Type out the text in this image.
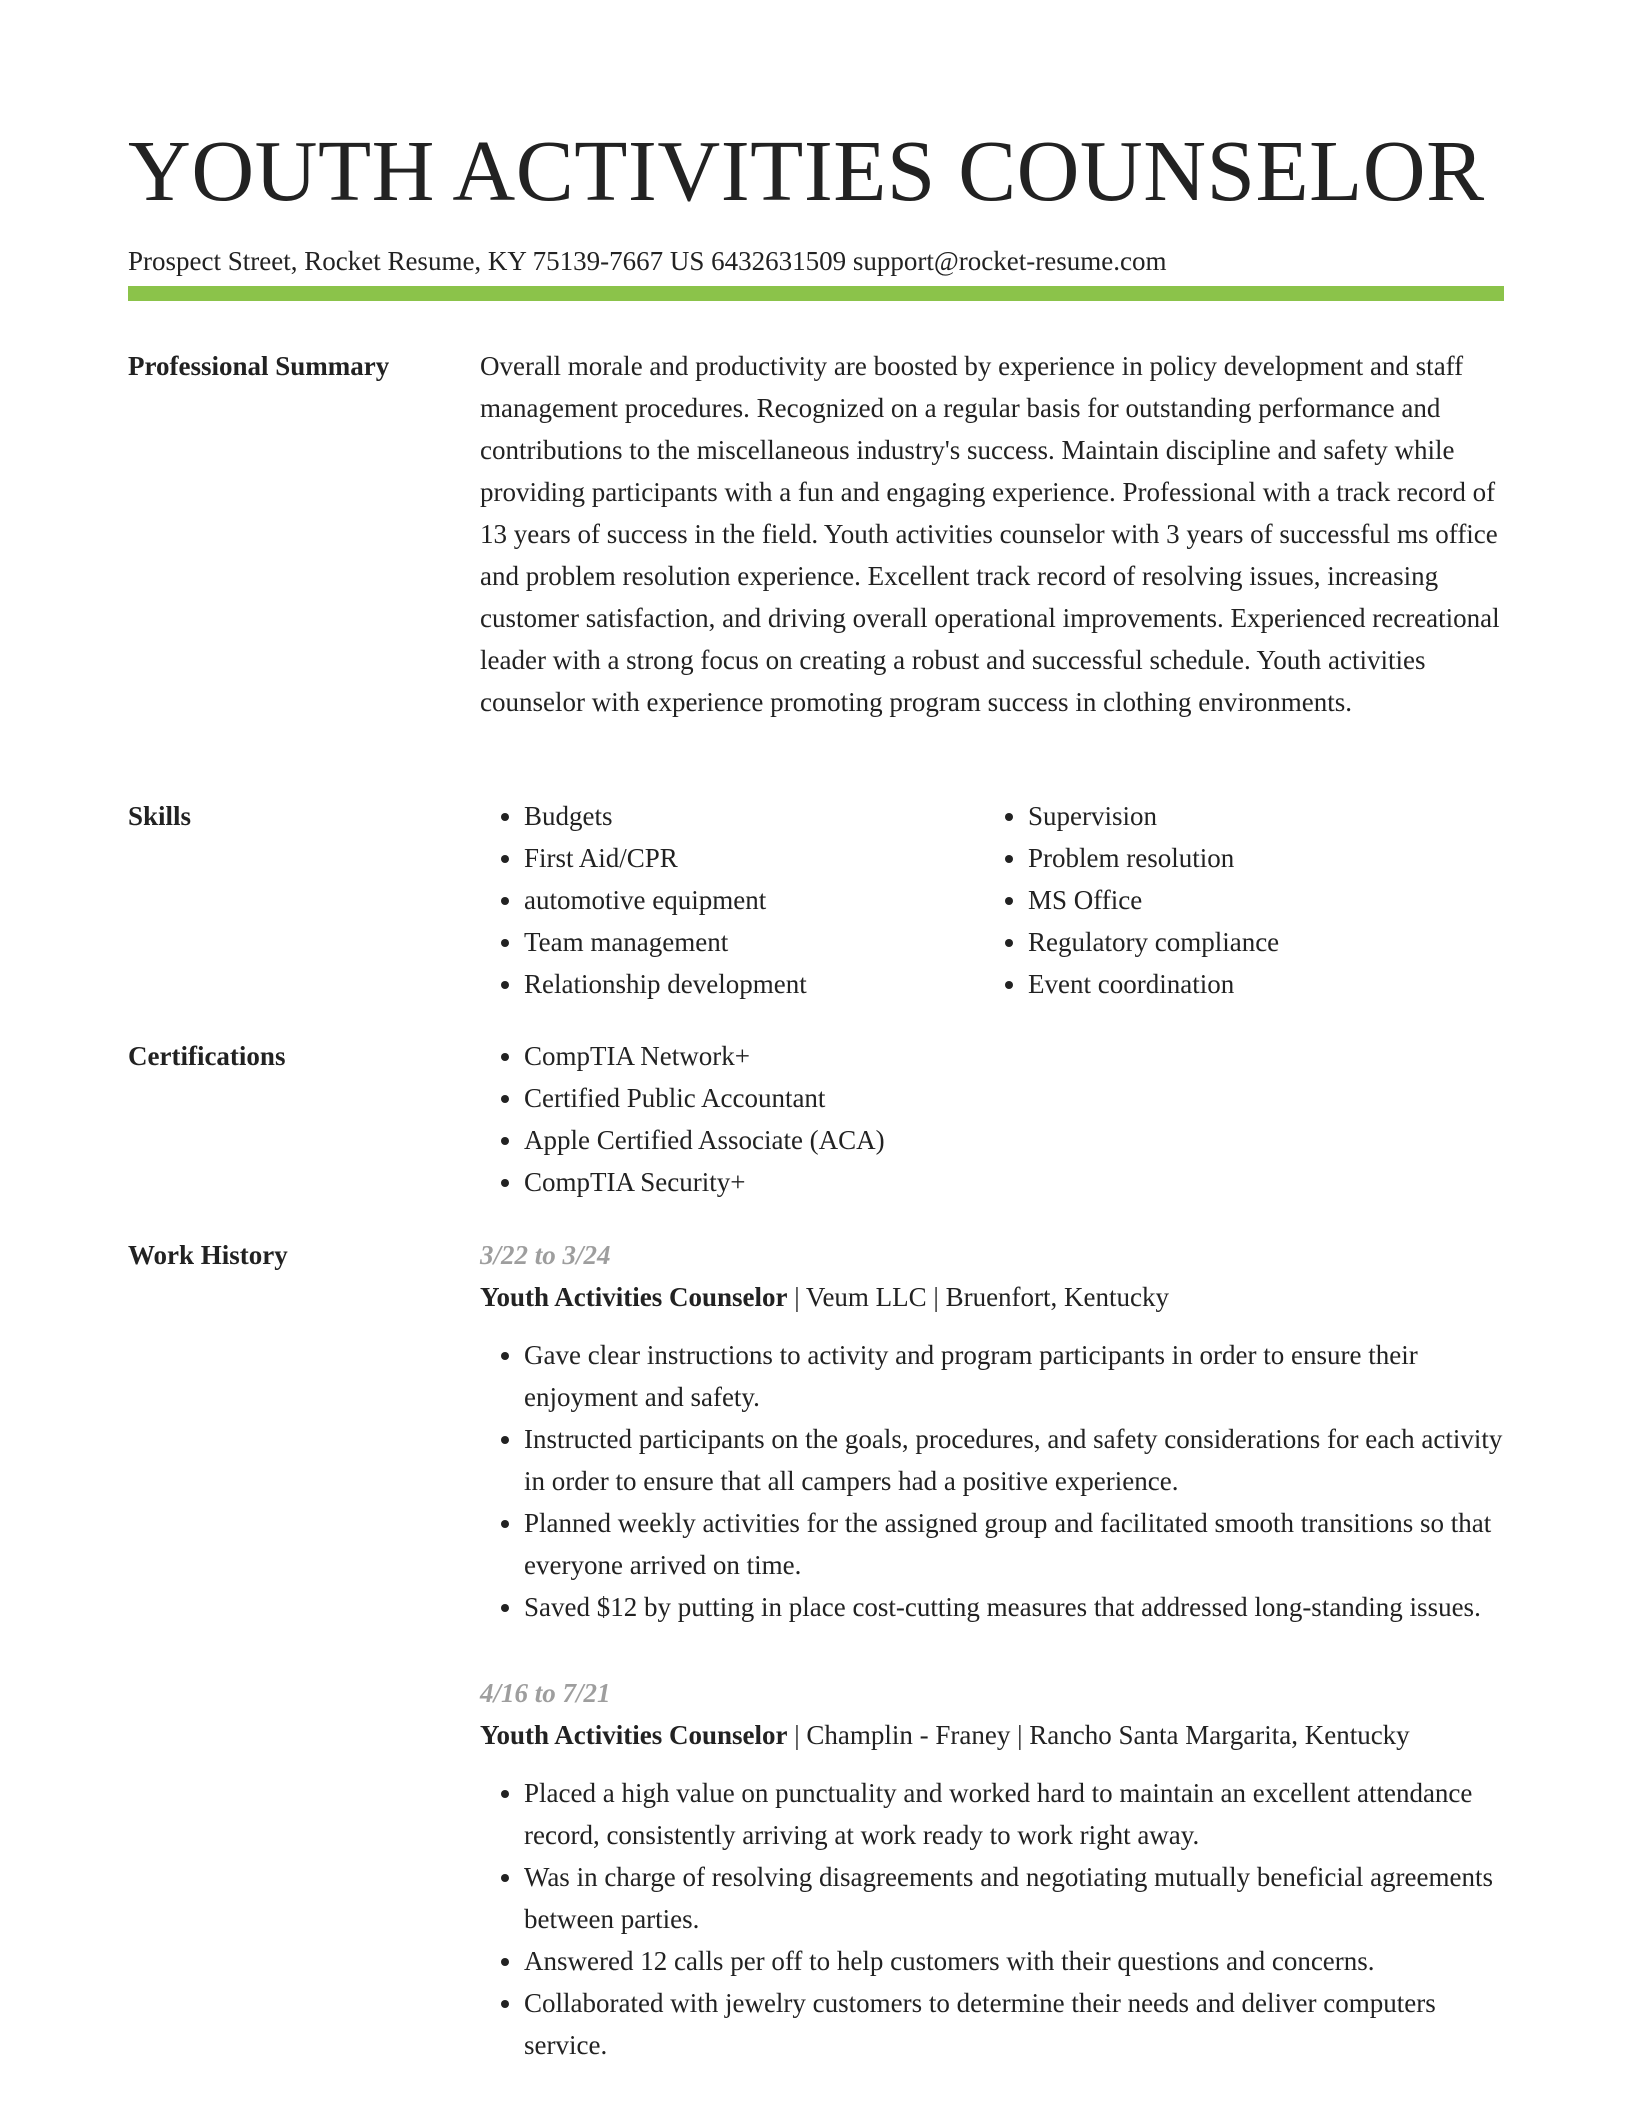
YOUTH ACTIVITIES COUNSELOR
Prospect Street, Rocket Resume, KY 75139-7667 US 6432631509 support@rocket-resume.com
Professional Summary	Overall morale and productivity are boosted by experience in policy development and staff management procedures. Recognized on a regular basis for outstanding performance and contributions to the miscellaneous industry's success. Maintain discipline and safety while providing participants with a fun and engaging experience. Professional with a track record of 13 years of success in the field. Youth activities counselor with 3 years of successful ms office and problem resolution experience. Excellent track record of resolving issues, increasing customer satisfaction, and driving overall operational improvements. Experienced recreational leader with a strong focus on creating a robust and successful schedule. Youth activities counselor with experience promoting program success in clothing environments.
Skills	• Budgets
• First Aid/CPR
• automotive equipment
• Team management
• Relationship development
• Supervision
• Problem resolution
• MS Office
• Regulatory compliance
• Event coordination
Certifications	• CompTIA Network+
• Certified Public Accountant
• Apple Certified Associate (ACA)
• CompTIA Security+
Work History	3/22 to 3/24
Youth Activities Counselor | Veum LLC | Bruenfort, Kentucky
• Gave clear instructions to activity and program participants in order to ensure their enjoyment and safety.
• Instructed participants on the goals, procedures, and safety considerations for each activity in order to ensure that all campers had a positive experience.
• Planned weekly activities for the assigned group and facilitated smooth transitions so that everyone arrived on time.
• Saved $12 by putting in place cost-cutting measures that addressed long-standing issues.
4/16 to 7/21
Youth Activities Counselor | Champlin - Franey | Rancho Santa Margarita, Kentucky
• Placed a high value on punctuality and worked hard to maintain an excellent attendance record, consistently arriving at work ready to work right away.
• Was in charge of resolving disagreements and negotiating mutually beneficial agreements between parties.
• Answered 12 calls per off to help customers with their questions and concerns.
• Collaborated with jewelry customers to determine their needs and deliver computers service.
